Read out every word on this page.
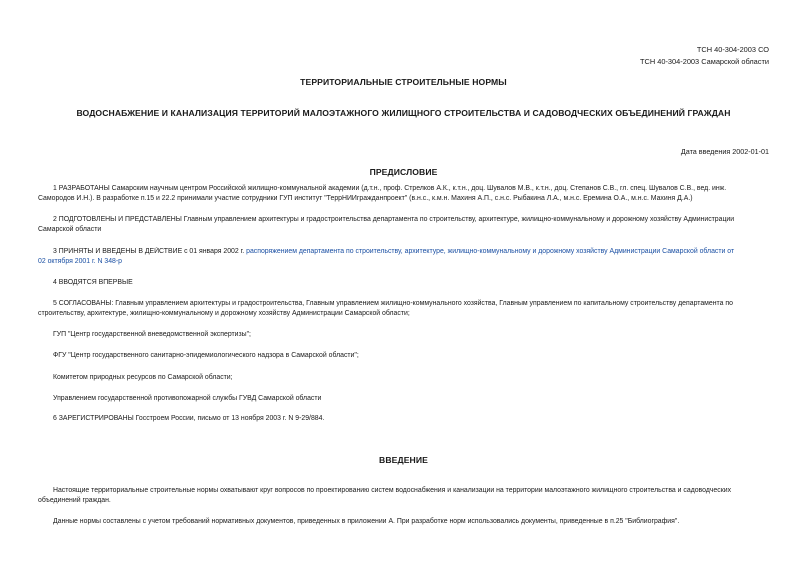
ТСН 40-304-2003 СО
ТСН 40-304-2003 Самарской области
ТЕРРИТОРИАЛЬНЫЕ СТРОИТЕЛЬНЫЕ НОРМЫ
ВОДОСНАБЖЕНИЕ И КАНАЛИЗАЦИЯ ТЕРРИТОРИЙ МАЛОЭТАЖНОГО ЖИЛИЩНОГО СТРОИТЕЛЬСТВА И САДОВОДЧЕСКИХ ОБЪЕДИНЕНИЙ ГРАЖДАН
Дата введения 2002-01-01
ПРЕДИСЛОВИЕ
1 РАЗРАБОТАНЫ Самарским научным центром Российской жилищно-коммунальной академии (д.т.н., проф. Стрелков А.К., к.т.н., доц. Шувалов М.В., к.т.н., доц. Степанов С.В., гл. спец. Шувалов С.В., вед. инж.
Самородов И.Н.). В разработке п.15 и 22.2 принимали участие сотрудники ГУП институт "ТеррНИИгражданпроект" (в.н.с., к.м.н. Махиня А.П., с.н.с. Рыбакина Л.А., м.н.с. Еремина О.А., м.н.с. Махиня Д.А.)
2 ПОДГОТОВЛЕНЫ И ПРЕДСТАВЛЕНЫ Главным управлением архитектуры и градостроительства департамента по строительству, архитектуре, жилищно-коммунальному и дорожному хозяйству Администрации
Самарской области
3 ПРИНЯТЫ И ВВЕДЕНЫ В ДЕЙСТВИЕ с 01 января 2002 г. распоряжением департамента по строительству, архитектуре, жилищно-коммунальному и дорожному хозяйству Администрации Самарской области от
02 октября 2001 г. N 348-р
4 ВВОДЯТСЯ ВПЕРВЫЕ
5 СОГЛАСОВАНЫ: Главным управлением архитектуры и градостроительства, Главным управлением жилищно-коммунального хозяйства, Главным управлением по капитальному строительству департамента по
строительству, архитектуре, жилищно-коммунальному и дорожному хозяйству Администрации Самарской области;
ГУП "Центр государственной вневедомственной экспертизы";
ФГУ "Центр государственного санитарно-эпидемиологического надзора в Самарской области";
Комитетом природных ресурсов по Самарской области;
Управлением государственной противопожарной службы ГУВД Самарской области
6 ЗАРЕГИСТРИРОВАНЫ Госстроем России, письмо от 13 ноября 2003 г. N 9-29/884.
ВВЕДЕНИЕ
Настоящие территориальные строительные нормы охватывают круг вопросов по проектированию систем водоснабжения и канализации на территории малоэтажного жилищного строительства и садоводческих
объединений граждан.
Данные нормы составлены с учетом требований нормативных документов, приведенных в приложении А. При разработке норм использовались документы, приведенные в п.25 "Библиография".
